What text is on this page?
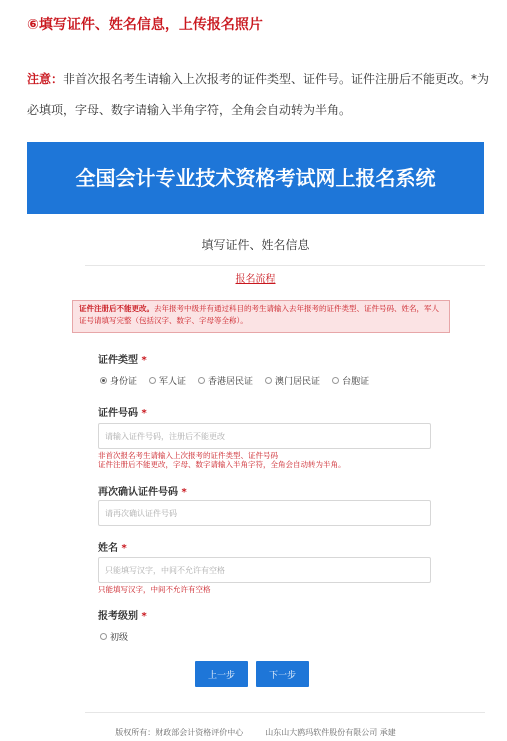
⑥填写证件、姓名信息，上传报名照片
注意：非首次报名考生请输入上次报考的证件类型、证件号。证件注册后不能更改。*为必填项，字母、数字请输入半角字符，全角会自动转为半角。
全国会计专业技术资格考试网上报名系统
填写证件、姓名信息
报名流程
证件注册后不能更改。去年报考中级并有通过科目的考生请输入去年报考的证件类型、证件号码、姓名，军人证号请填写完整（包括汉字、数字、字母等全称）。
证件类型 *
身份证 军人证 香港居民证 澳门居民证 台胞证
证件号码 *
请输入证件号码，注册后不能更改
非首次报名考生请输入上次报考的证件类型、证件号码
证件注册后不能更改，字母、数字请输入半角字符，全角会自动转为半角。
再次确认证件号码 *
请再次确认证件号码
姓名 *
只能填写汉字，中间不允许有空格
只能填写汉字，中间不允许有空格
报考级别 *
初级
上一步	下一步
版权所有：财政部会计资格评价中心	山东山大鸥玛软件股份有限公司 承建
